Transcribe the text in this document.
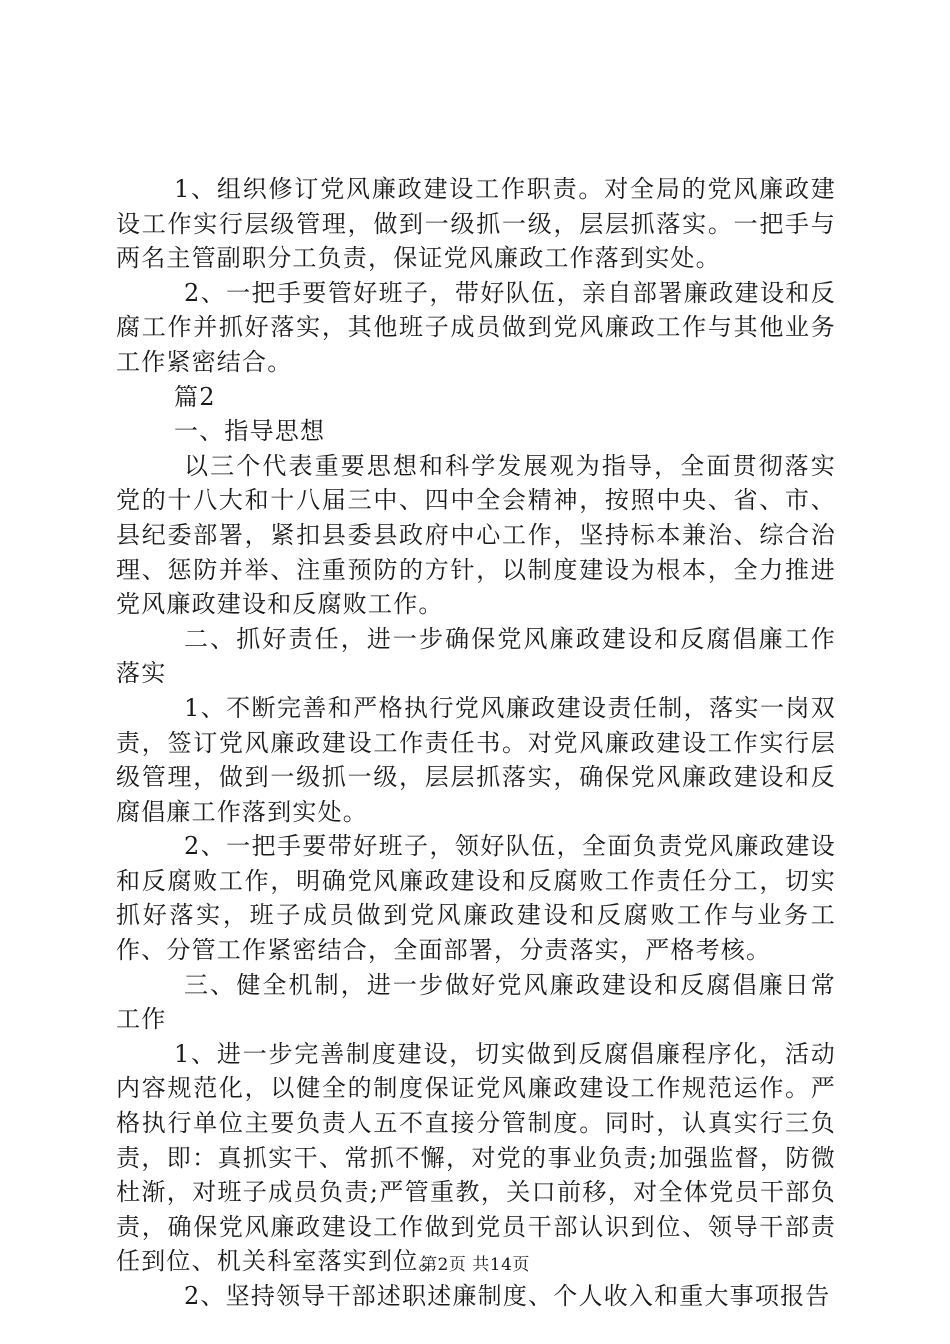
1、组织修订党风廉政建设工作职责。对全局的党风廉政建设工作实行层级管理，做到一级抓一级，层层抓落实。一把手与两名主管副职分工负责，保证党风廉政工作落到实处。

2、一把手要管好班子，带好队伍，亲自部署廉政建设和反腐工作并抓好落实，其他班子成员做到党风廉政工作与其他业务工作紧密结合。

篇2

一、指导思想

以三个代表重要思想和科学发展观为指导，全面贯彻落实党的十八大和十八届三中、四中全会精神，按照中央、省、市、县纪委部署，紧扣县委县政府中心工作，坚持标本兼治、综合治理、惩防并举、注重预防的方针，以制度建设为根本，全力推进党风廉政建设和反腐败工作。

二、抓好责任，进一步确保党风廉政建设和反腐倡廉工作落实

1、不断完善和严格执行党风廉政建设责任制，落实一岗双责，签订党风廉政建设工作责任书。对党风廉政建设工作实行层级管理，做到一级抓一级，层层抓落实，确保党风廉政建设和反腐倡廉工作落到实处。

2、一把手要带好班子，领好队伍，全面负责党风廉政建设和反腐败工作，明确党风廉政建设和反腐败工作责任分工，切实抓好落实，班子成员做到党风廉政建设和反腐败工作与业务工作、分管工作紧密结合，全面部署，分责落实，严格考核。

三、健全机制，进一步做好党风廉政建设和反腐倡廉日常工作

1、进一步完善制度建设，切实做到反腐倡廉程序化，活动内容规范化，以健全的制度保证党风廉政建设工作规范运作。严格执行单位主要负责人五不直接分管制度。同时，认真实行三负责，即：真抓实干、常抓不懈，对党的事业负责;加强监督，防微杜渐，对班子成员负责;严管重教，关口前移，对全体党员干部负责，确保党风廉政建设工作做到党员干部认识到位、领导干部责任到位、机关科室落实到位。

2、坚持领导干部述职述廉制度、个人收入和重大事项报告

第2页 共14页
